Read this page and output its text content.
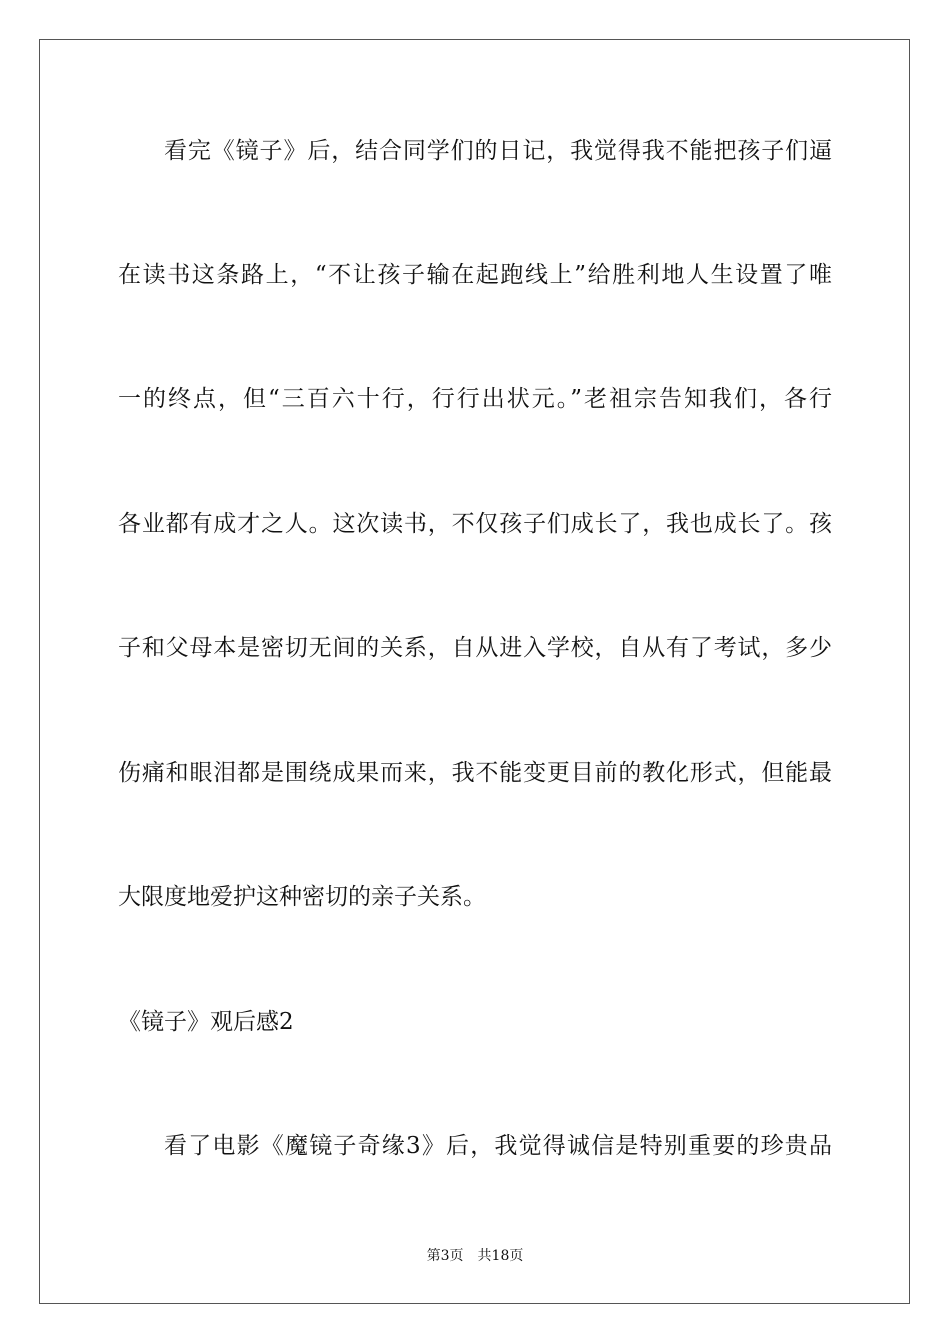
看完《镜子》后，结合同学们的日记，我觉得我不能把孩子们逼
在读书这条路上，“不让孩子输在起跑线上”给胜利地人生设置了唯
一的终点，但“三百六十行，行行出状元。”老祖宗告知我们，各行
各业都有成才之人。这次读书，不仅孩子们成长了，我也成长了。孩
子和父母本是密切无间的关系，自从进入学校，自从有了考试，多少
伤痛和眼泪都是围绕成果而来，我不能变更目前的教化形式，但能最
大限度地爱护这种密切的亲子关系。
《镜子》观后感2
看了电影《魔镜子奇缘3》后，我觉得诚信是特别重要的珍贵品
第3页 共18页
